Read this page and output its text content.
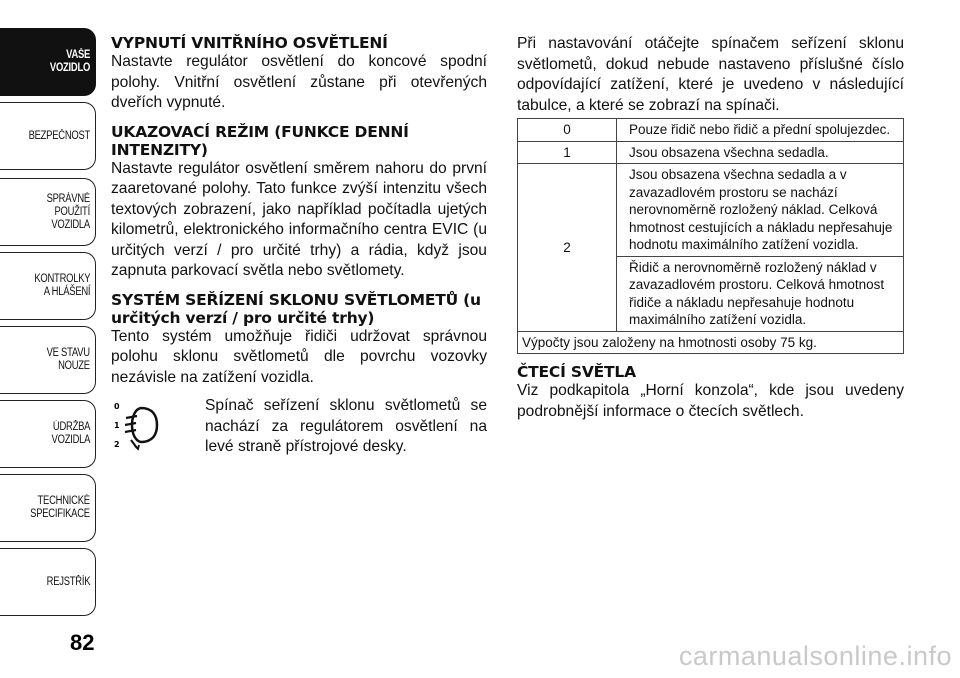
VAŠE
VOZIDLO
BEZPEČNOST
SPRÁVNÉ
POUŽITÍ
VOZIDLA
KONTROLKY
A HLÁŠENÍ
VE STAVU
NOUZE
ÚDRŽBA
VOZIDLA
TECHNICKÉ
SPECIFIKACE
REJSTŘÍK
82
VYPNUTÍ VNITŘNÍHO OSVĚTLENÍ

Nastavte regulátor osvětlení do koncové spodní polohy. Vnitřní osvětlení zůstane při otevřených dveřích vypnuté.

UKAZOVACÍ REŽIM (FUNKCE DENNÍ INTENZITY)

Nastavte regulátor osvětlení směrem nahoru do první zaaretované polohy. Tato funkce zvýší intenzitu všech textových zobrazení, jako například počítadla ujetých kilometrů, elektronického informačního centra EVIC (u určitých verzí / pro určité trhy) a rádia, když jsou zapnuta parkovací světla nebo světlomety.

SYSTÉM SEŘÍZENÍ SKLONU SVĚTLOMETŮ (u určitých verzí / pro určité trhy)

Tento systém umožňuje řidiči udržovat správnou polohu sklonu světlometů dle povrchu vozovky nezávisle na zatížení vozidla.

0
1
2

Spínač seřízení sklonu světlometů se nachází za regulátorem osvětlení na levé straně přístrojové desky.

Při nastavování otáčejte spínačem seřízení sklonu světlometů, dokud nebude nastaveno příslušné číslo odpovídající zatížení, které je uvedeno v následující tabulce, a které se zobrazí na spínači.

0	Pouze řidič nebo řidič a přední spolujezdec.
1	Jsou obsazena všechna sedadla.
2	Jsou obsazena všechna sedadla a v zavazadlovém prostoru se nachází nerovnoměrně rozložený náklad. Celková hmotnost cestujících a nákladu nepřesahuje hodnotu maximálního zatížení vozidla.
	Řidič a nerovnoměrně rozložený náklad v zavazadlovém prostoru. Celková hmotnost řidiče a nákladu nepřesahuje hodnotu maximálního zatížení vozidla.
Výpočty jsou založeny na hmotnosti osoby 75 kg.	
ČTECÍ SVĚTLA

Viz podkapitola „Horní konzola“, kde jsou uvedeny podrobnější informace o čtecích světlech.

carmanualsonline.info
